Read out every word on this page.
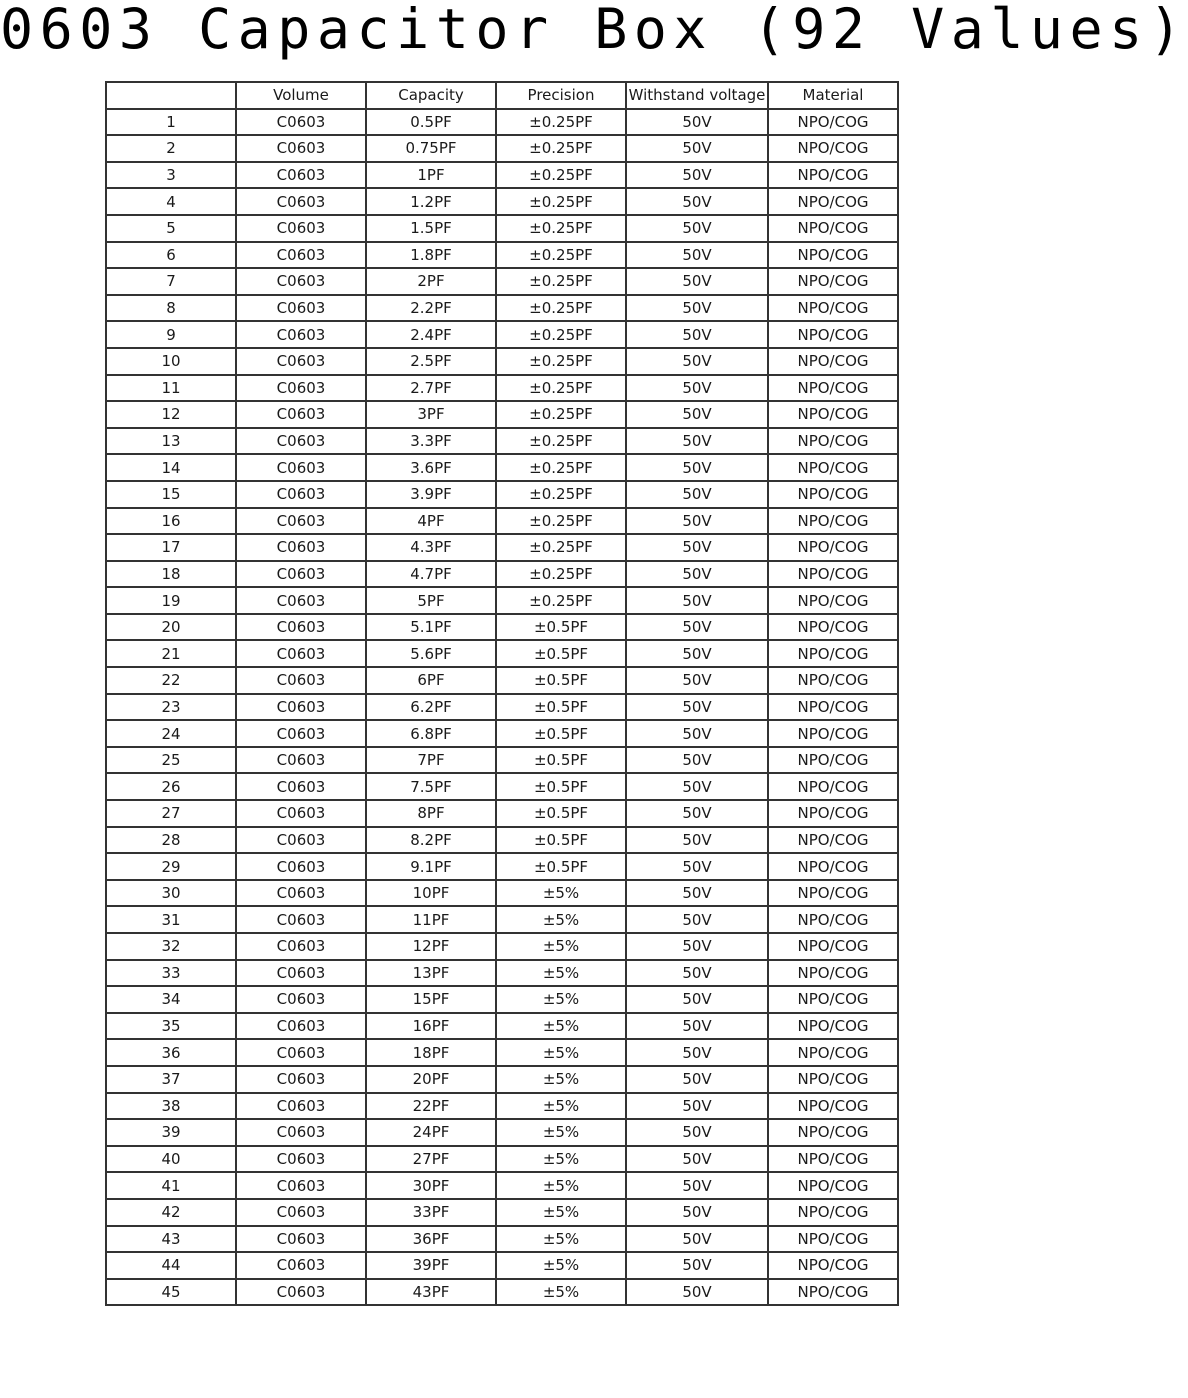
0603 Capacitor Box (92 Values)
	Volume	Capacity	Precision	Withstand voltage	Material
1	C0603	0.5PF	±0.25PF	50V	NPO/COG
2	C0603	0.75PF	±0.25PF	50V	NPO/COG
3	C0603	1PF	±0.25PF	50V	NPO/COG
4	C0603	1.2PF	±0.25PF	50V	NPO/COG
5	C0603	1.5PF	±0.25PF	50V	NPO/COG
6	C0603	1.8PF	±0.25PF	50V	NPO/COG
7	C0603	2PF	±0.25PF	50V	NPO/COG
8	C0603	2.2PF	±0.25PF	50V	NPO/COG
9	C0603	2.4PF	±0.25PF	50V	NPO/COG
10	C0603	2.5PF	±0.25PF	50V	NPO/COG
11	C0603	2.7PF	±0.25PF	50V	NPO/COG
12	C0603	3PF	±0.25PF	50V	NPO/COG
13	C0603	3.3PF	±0.25PF	50V	NPO/COG
14	C0603	3.6PF	±0.25PF	50V	NPO/COG
15	C0603	3.9PF	±0.25PF	50V	NPO/COG
16	C0603	4PF	±0.25PF	50V	NPO/COG
17	C0603	4.3PF	±0.25PF	50V	NPO/COG
18	C0603	4.7PF	±0.25PF	50V	NPO/COG
19	C0603	5PF	±0.25PF	50V	NPO/COG
20	C0603	5.1PF	±0.5PF	50V	NPO/COG
21	C0603	5.6PF	±0.5PF	50V	NPO/COG
22	C0603	6PF	±0.5PF	50V	NPO/COG
23	C0603	6.2PF	±0.5PF	50V	NPO/COG
24	C0603	6.8PF	±0.5PF	50V	NPO/COG
25	C0603	7PF	±0.5PF	50V	NPO/COG
26	C0603	7.5PF	±0.5PF	50V	NPO/COG
27	C0603	8PF	±0.5PF	50V	NPO/COG
28	C0603	8.2PF	±0.5PF	50V	NPO/COG
29	C0603	9.1PF	±0.5PF	50V	NPO/COG
30	C0603	10PF	±5%	50V	NPO/COG
31	C0603	11PF	±5%	50V	NPO/COG
32	C0603	12PF	±5%	50V	NPO/COG
33	C0603	13PF	±5%	50V	NPO/COG
34	C0603	15PF	±5%	50V	NPO/COG
35	C0603	16PF	±5%	50V	NPO/COG
36	C0603	18PF	±5%	50V	NPO/COG
37	C0603	20PF	±5%	50V	NPO/COG
38	C0603	22PF	±5%	50V	NPO/COG
39	C0603	24PF	±5%	50V	NPO/COG
40	C0603	27PF	±5%	50V	NPO/COG
41	C0603	30PF	±5%	50V	NPO/COG
42	C0603	33PF	±5%	50V	NPO/COG
43	C0603	36PF	±5%	50V	NPO/COG
44	C0603	39PF	±5%	50V	NPO/COG
45	C0603	43PF	±5%	50V	NPO/COG
